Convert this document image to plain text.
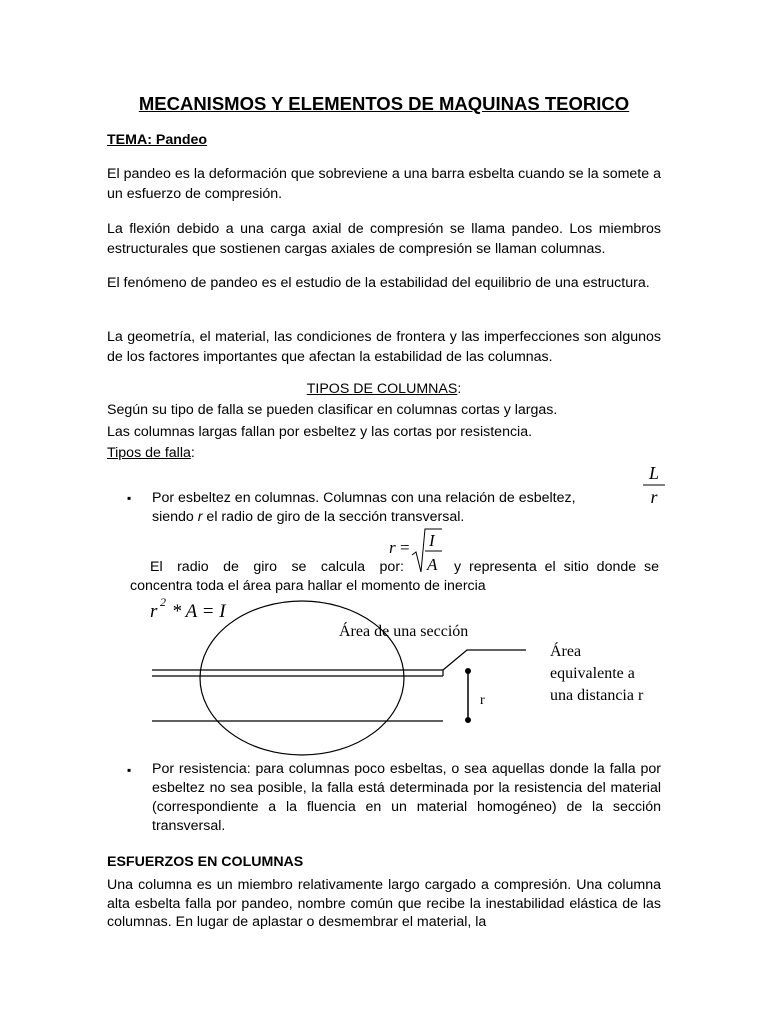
MECANISMOS Y ELEMENTOS DE MAQUINAS TEORICO

TEMA: Pandeo

El pandeo es la deformación que sobreviene a una barra esbelta cuando se la somete a un esfuerzo de compresión.

La flexión debido a una carga axial de compresión se llama pandeo. Los miembros estructurales que sostienen cargas axiales de compresión se llaman columnas.

El fenómeno de pandeo es el estudio de la estabilidad del equilibrio de una estructura.

La geometría, el material, las condiciones de frontera y las imperfecciones son algunos de los factores importantes que afectan la estabilidad de las columnas.

TIPOS DE COLUMNAS:

Según su tipo de falla se pueden clasificar en columnas cortas y largas.

Las columnas largas fallan por esbeltez y las cortas por resistencia.

Tipos de falla:

L
r
▪ Por esbeltez en columnas. Columnas con una relación de esbeltez,
siendo r el radio de giro de la sección transversal.

El radio de giro se calcula por:	y representa el sitio donde se

concentra toda el área para hallar el momento de inercia

r = I
A
r 2 * A = I
Área de una sección
r
Área
equivalente a
una distancia r
▪ Por resistencia: para columnas poco esbeltas, o sea aquellas donde la falla por esbeltez no sea posible, la falla está determinada por la resistencia del material (correspondiente a la fluencia en un material homogéneo) de la sección transversal.

ESFUERZOS EN COLUMNAS

Una columna es un miembro relativamente largo cargado a compresión. Una columna alta esbelta falla por pandeo, nombre común que recibe la inestabilidad elástica de las columnas. En lugar de aplastar o desmembrar el material, la
